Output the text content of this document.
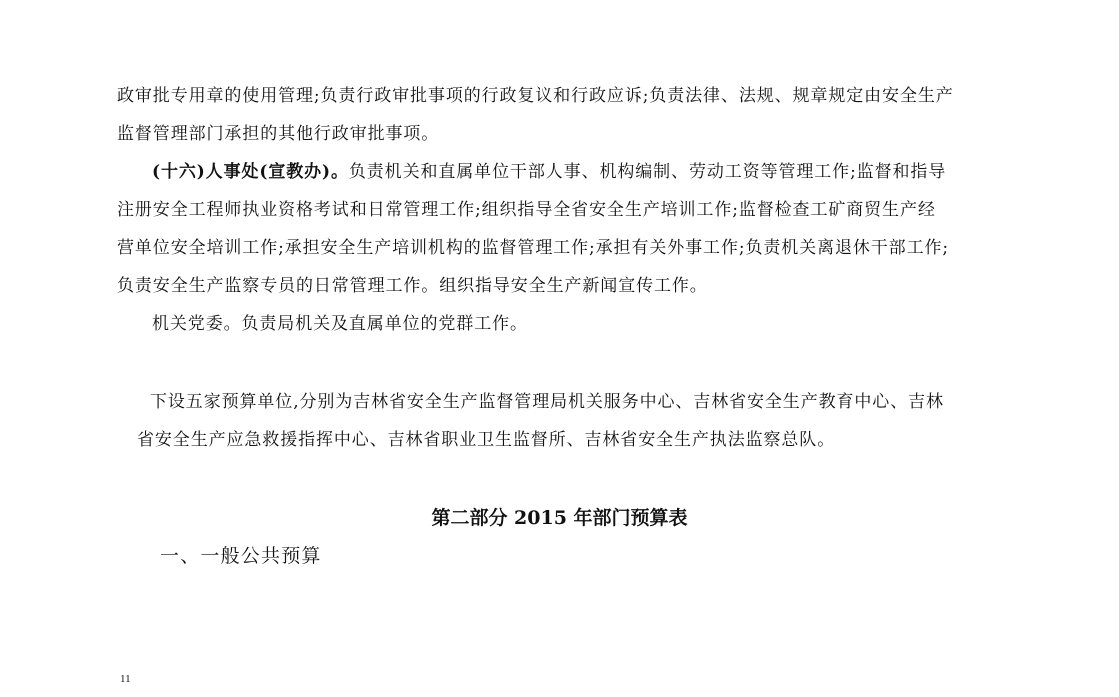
政审批专用章的使用管理;负责行政审批事项的行政复议和行政应诉;负责法律、法规、规章规定由安全生产
监督管理部门承担的其他行政审批事项。
(十六)人事处(宣教办)。负责机关和直属单位干部人事、机构编制、劳动工资等管理工作;监督和指导
注册安全工程师执业资格考试和日常管理工作;组织指导全省安全生产培训工作;监督检查工矿商贸生产经
营单位安全培训工作;承担安全生产培训机构的监督管理工作;承担有关外事工作;负责机关离退休干部工作;
负责安全生产监察专员的日常管理工作。组织指导安全生产新闻宣传工作。
机关党委。负责局机关及直属单位的党群工作。
下设五家预算单位,分别为吉林省安全生产监督管理局机关服务中心、吉林省安全生产教育中心、吉林
省安全生产应急救援指挥中心、吉林省职业卫生监督所、吉林省安全生产执法监察总队。
第二部分 2015 年部门预算表
一、一般公共预算
11
